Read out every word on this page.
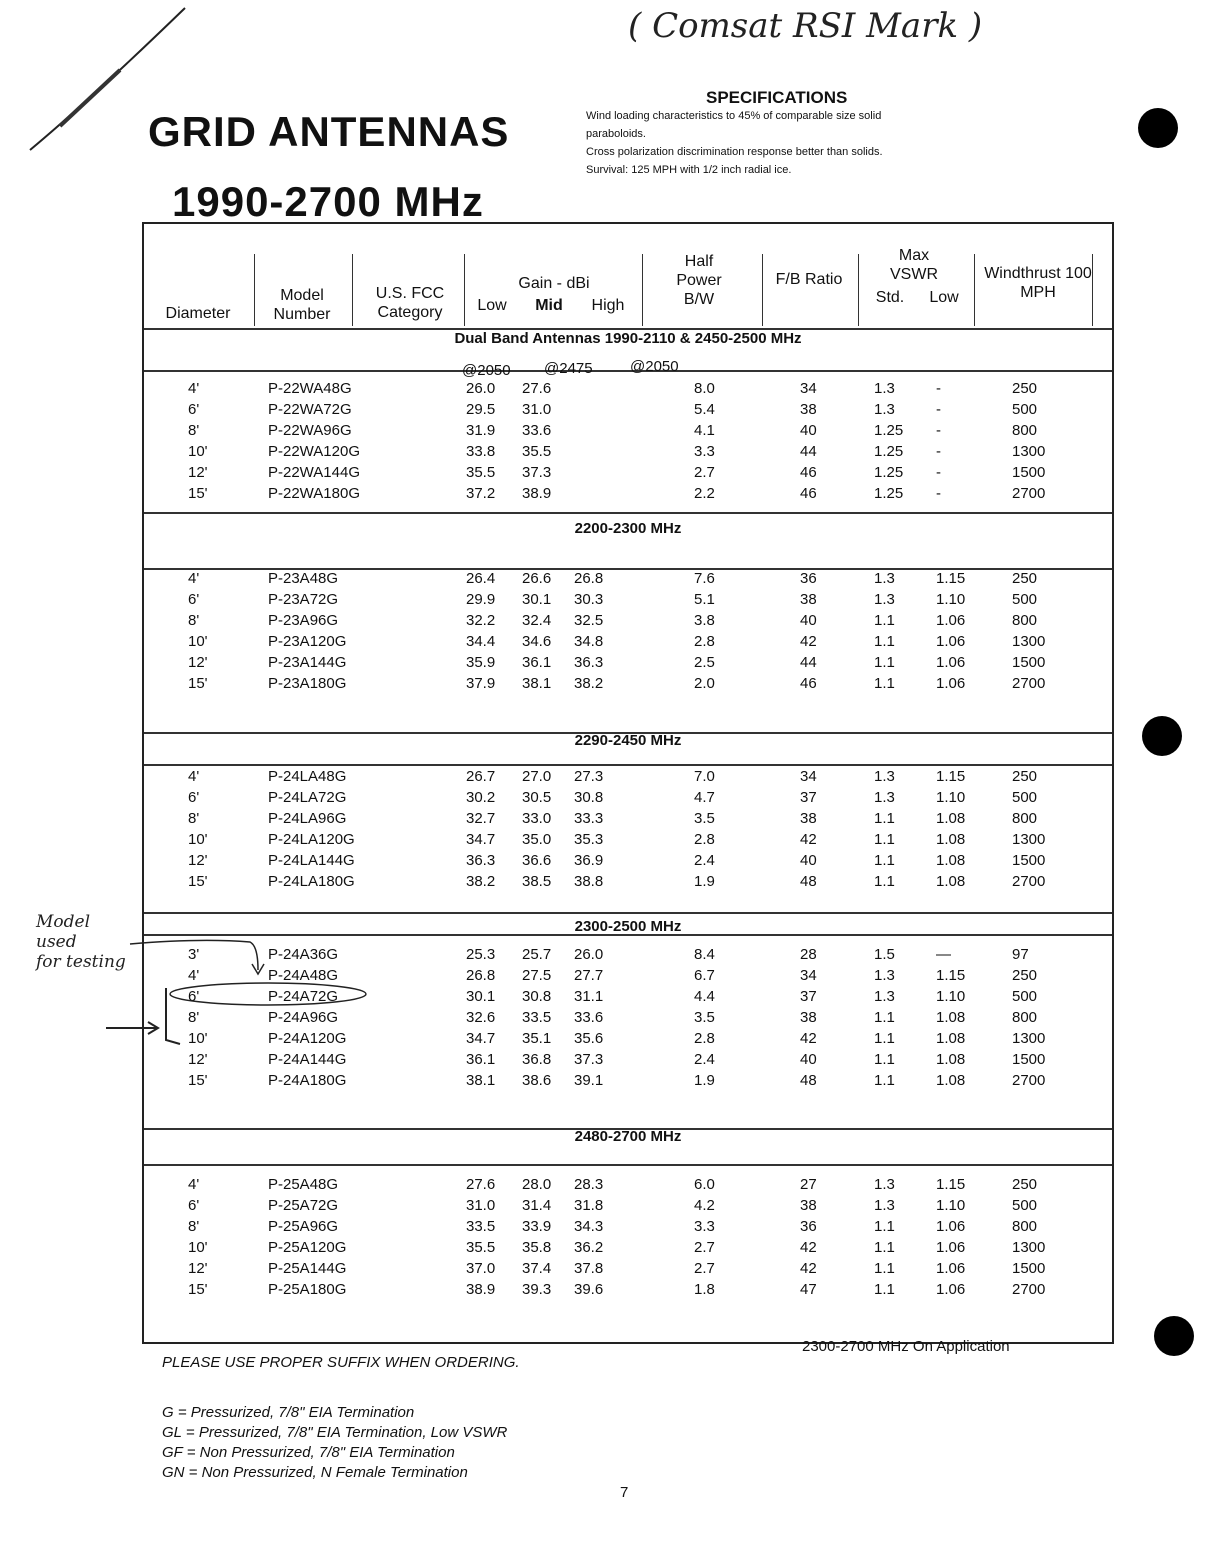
( Comsat RSI Mark )
GRID ANTENNAS
1990-2700 MHz
SPECIFICATIONS
Wind loading characteristics to 45% of comparable size solid
paraboloids.
Cross polarization discrimination response better than solids.
Survival: 125 MPH with 1/2 inch radial ice.
Diameter
Model Number
U.S. FCC Category
Gain - dBi
Low	Mid	High
Half Power B/W
F/B Ratio
Max VSWR
Std.	Low
Windthrust 100 MPH
Dual Band Antennas 1990-2110 & 2450-2500 MHz
@2050 @2475 @2050
2200-2300 MHz
2290-2450 MHz
2300-2500 MHz
2480-2700 MHz
4'	P-22WA48G	26.0 27.6	8.0	34	1.3	-	250
6'	P-22WA72G	29.5 31.0	5.4	38	1.3	-	500
8'	P-22WA96G	31.9 33.6	4.1	40	1.25 -	800
10'	P-22WA120G	33.8 35.5	3.3	44	1.25 -	1300
12'	P-22WA144G	35.5 37.3	2.7	46	1.25 -	1500
15'	P-22WA180G	37.2 38.9	2.2	46	1.25 -	2700
4'	P-23A48G	26.4 26.6 26.8	7.6	36	1.3	1.15	250
6'	P-23A72G	29.9 30.1 30.3	5.1	38	1.3	1.10	500
8'	P-23A96G	32.2 32.4 32.5	3.8	40	1.1	1.06	800
10'	P-23A120G	34.4 34.6 34.8	2.8	42	1.1	1.06	1300
12'	P-23A144G	35.9 36.1 36.3	2.5	44	1.1	1.06	1500
15'	P-23A180G	37.9 38.1 38.2	2.0	46	1.1	1.06	2700
4'	P-24LA48G	26.7 27.0 27.3	7.0	34	1.3	1.15	250
6'	P-24LA72G	30.2 30.5 30.8	4.7	37	1.3	1.10	500
8'	P-24LA96G	32.7 33.0 33.3	3.5	38	1.1	1.08	800
10'	P-24LA120G	34.7 35.0 35.3	2.8	42	1.1	1.08	1300
12'	P-24LA144G	36.3 36.6 36.9	2.4	40	1.1	1.08	1500
15'	P-24LA180G	38.2 38.5 38.8	1.9	48	1.1	1.08	2700
3'	P-24A36G	25.3 25.7 26.0	8.4	28	1.5	—	97
4'	P-24A48G	26.8 27.5 27.7	6.7	34	1.3	1.15	250
6'	P-24A72G	30.1 30.8 31.1	4.4	37	1.3	1.10	500
8'	P-24A96G	32.6 33.5 33.6	3.5	38	1.1	1.08	800
10'	P-24A120G	34.7 35.1 35.6	2.8	42	1.1	1.08	1300
12'	P-24A144G	36.1 36.8 37.3	2.4	40	1.1	1.08	1500
15'	P-24A180G	38.1 38.6 39.1	1.9	48	1.1	1.08	2700
4'	P-25A48G	27.6 28.0 28.3	6.0	27	1.3	1.15	250
6'	P-25A72G	31.0 31.4 31.8	4.2	38	1.3	1.10	500
8'	P-25A96G	33.5 33.9 34.3	3.3	36	1.1	1.06	800
10'	P-25A120G	35.5 35.8 36.2	2.7	42	1.1	1.06	1300
12'	P-25A144G	37.0 37.4 37.8	2.7	42	1.1	1.06	1500
15'	P-25A180G	38.9 39.3 39.6	1.8	47	1.1	1.06	2700
Model
used
for testing
PLEASE USE PROPER SUFFIX WHEN ORDERING.
2300-2700 MHz On Application
G = Pressurized, 7/8" EIA Termination
GL = Pressurized, 7/8" EIA Termination, Low VSWR
GF = Non Pressurized, 7/8" EIA Termination
GN = Non Pressurized, N Female Termination
7
